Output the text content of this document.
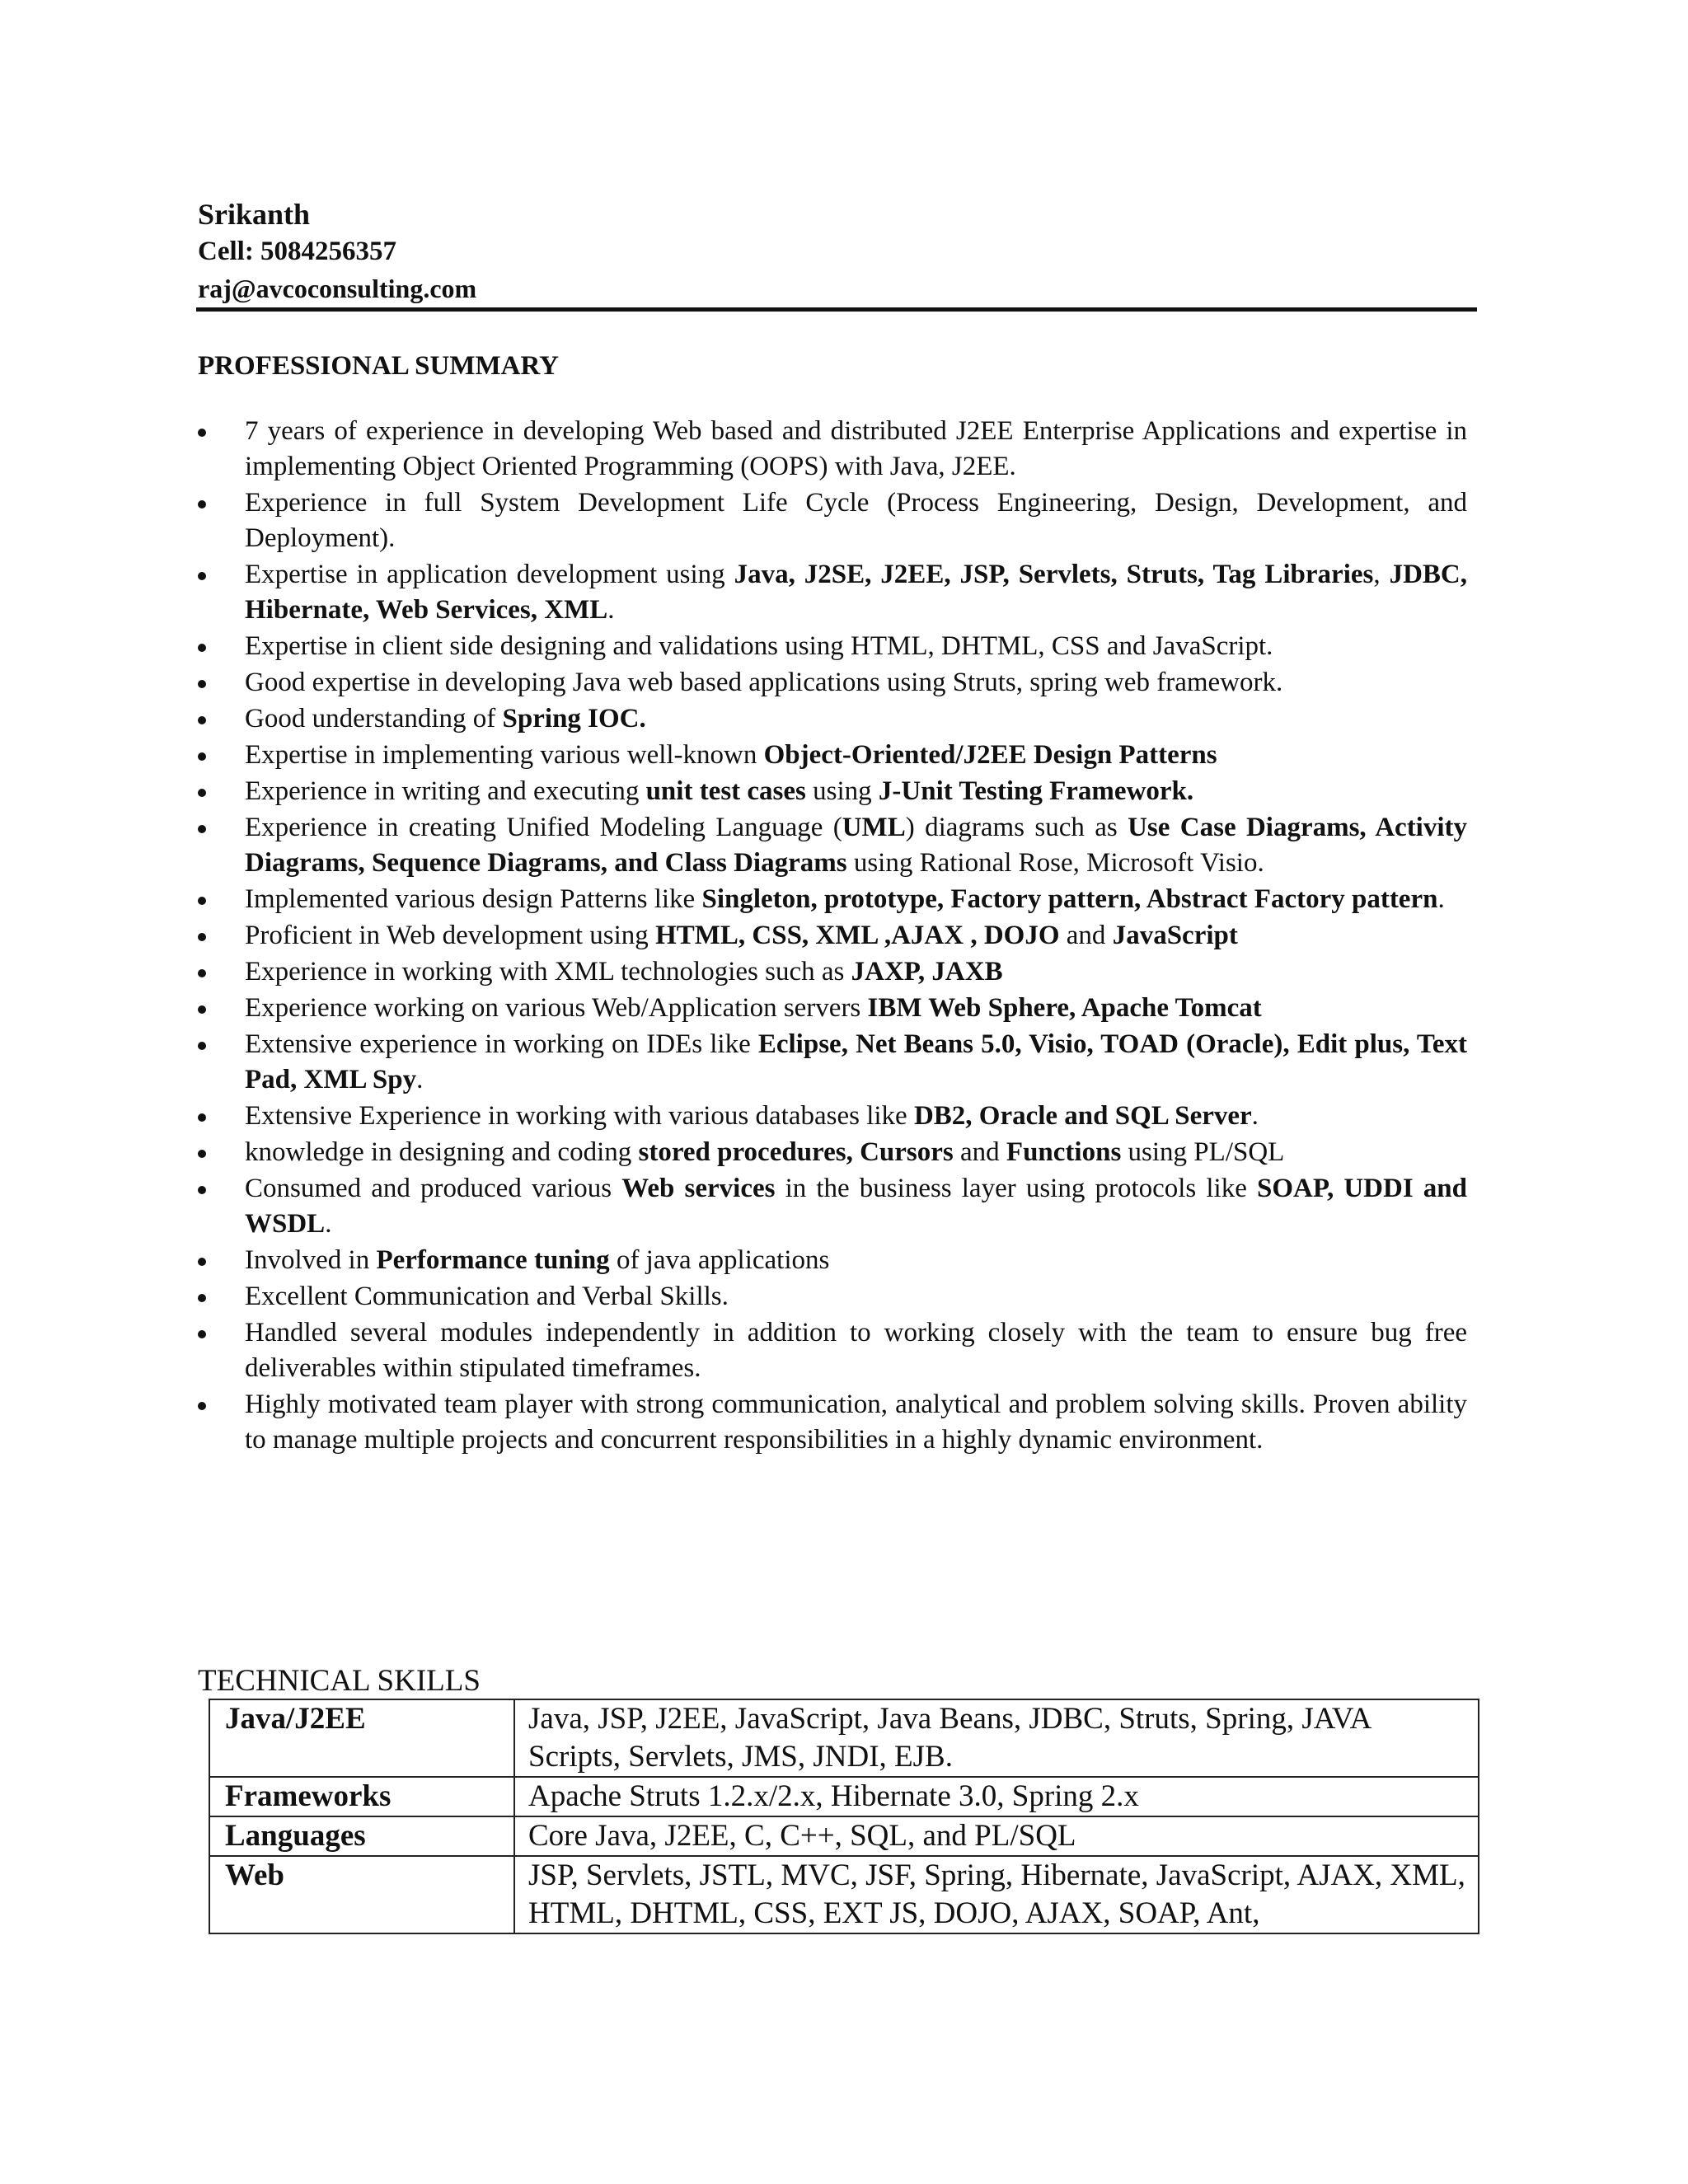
Srikanth
Cell: 5084256357
raj@avcoconsulting.com
PROFESSIONAL SUMMARY
7 years of experience in developing Web based and distributed J2EE Enterprise Applications and expertise in implementing Object Oriented Programming (OOPS) with Java, J2EE.
Experience in full System Development Life Cycle (Process Engineering, Design, Development, and Deployment).
Expertise in application development using Java, J2SE, J2EE, JSP, Servlets, Struts, Tag Libraries, JDBC, Hibernate, Web Services, XML.
Expertise in client side designing and validations using HTML, DHTML, CSS and JavaScript.
Good expertise in developing Java web based applications using Struts, spring web framework.
Good understanding of Spring IOC.
Expertise in implementing various well-known Object-Oriented/J2EE Design Patterns
Experience in writing and executing unit test cases using J-Unit Testing Framework.
Experience in creating Unified Modeling Language (UML) diagrams such as Use Case Diagrams, Activity Diagrams, Sequence Diagrams, and Class Diagrams using Rational Rose, Microsoft Visio.
Implemented various design Patterns like Singleton, prototype, Factory pattern, Abstract Factory pattern.
Proficient in Web development using HTML, CSS, XML ,AJAX , DOJO and JavaScript
Experience in working with XML technologies such as JAXP, JAXB
Experience working on various Web/Application servers IBM Web Sphere, Apache Tomcat
Extensive experience in working on IDEs like Eclipse, Net Beans 5.0, Visio, TOAD (Oracle), Edit plus, Text Pad, XML Spy.
Extensive Experience in working with various databases like DB2, Oracle and SQL Server.
knowledge in designing and coding stored procedures, Cursors and Functions using PL/SQL
Consumed and produced various Web services in the business layer using protocols like SOAP, UDDI and WSDL.
Involved in Performance tuning of java applications
Excellent Communication and Verbal Skills.
Handled several modules independently in addition to working closely with the team to ensure bug free deliverables within stipulated timeframes.
Highly motivated team player with strong communication, analytical and problem solving skills. Proven ability to manage multiple projects and concurrent responsibilities in a highly dynamic environment.
TECHNICAL SKILLS
Java/J2EE	Java, JSP, J2EE, JavaScript, Java Beans, JDBC, Struts, Spring, JAVA Scripts, Servlets, JMS, JNDI, EJB.
Frameworks	Apache Struts 1.2.x/2.x, Hibernate 3.0, Spring 2.x
Languages	Core Java, J2EE, C, C++, SQL, and PL/SQL
Web	JSP, Servlets, JSTL, MVC, JSF, Spring, Hibernate, JavaScript, AJAX, XML, HTML, DHTML, CSS, EXT JS, DOJO, AJAX, SOAP, Ant,
